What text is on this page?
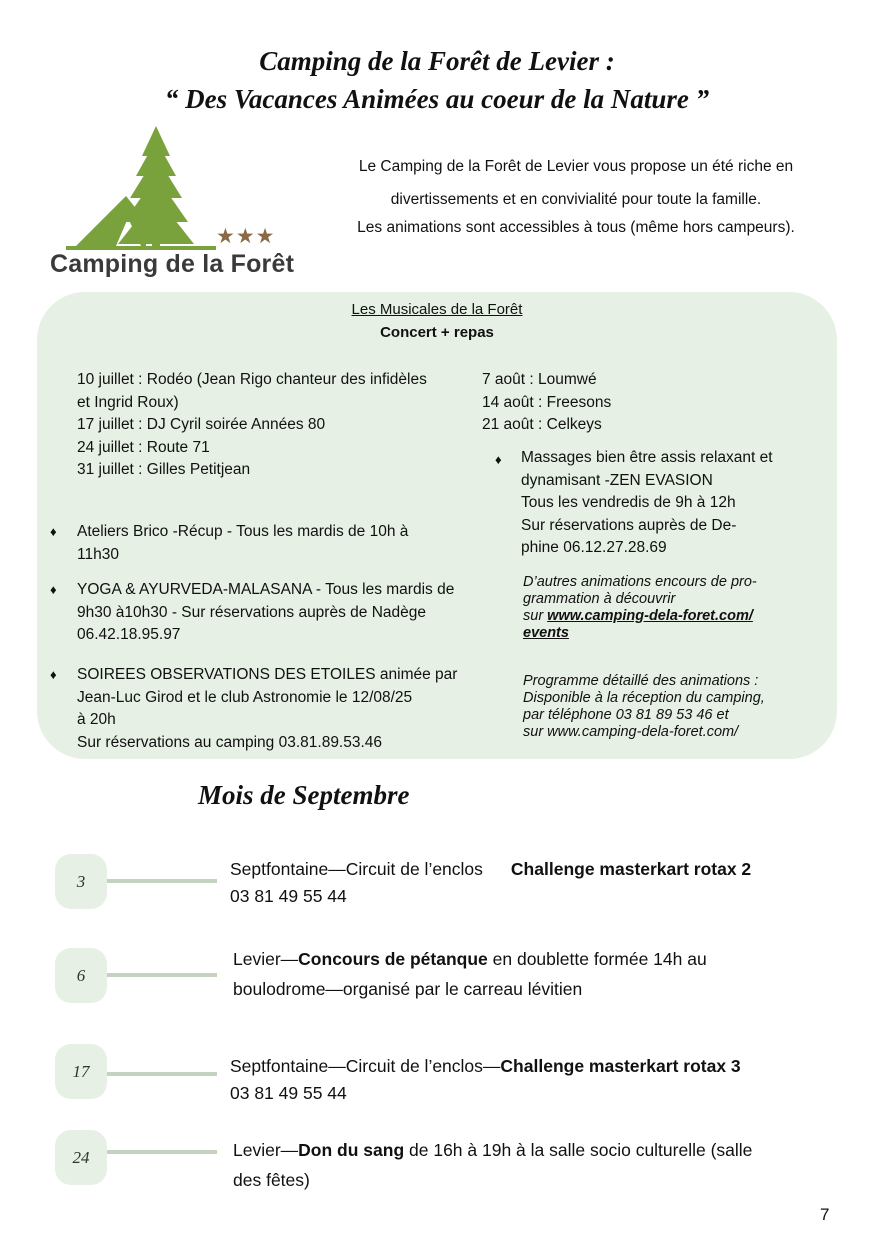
Camping de la Forêt de Levier :
“ Des Vacances Animées au coeur de la Nature ”
★★★
Camping de la Forêt
Le Camping de la Forêt de Levier vous propose un été riche en
divertissements et en convivialité pour toute la famille.
Les animations sont accessibles à tous (même hors campeurs).
Les Musicales de la Forêt
Concert + repas
10 juillet : Rodéo (Jean Rigo chanteur des infidèles
et Ingrid Roux)
17 juillet : DJ Cyril soirée Années 80
24 juillet : Route 71
31 juillet : Gilles Petitjean
7 août : Loumwé
14 août : Freesons
21 août : Celkeys
♦ Ateliers Brico -Récup - Tous les mardis de 10h à
11h30
♦ YOGA & AYURVEDA-MALASANA - Tous les mardis de
9h30 à10h30 - Sur réservations auprès de Nadège
06.42.18.95.97
♦ SOIREES OBSERVATIONS DES ETOILES animée par
Jean-Luc Girod et le club Astronomie le 12/08/25
à 20h
Sur réservations au camping 03.81.89.53.46
♦ Massages bien être assis relaxant et
dynamisant -ZEN EVASION
Tous les vendredis de 9h à 12h
Sur réservations auprès de De-
phine 06.12.27.28.69
D’autres animations encours de pro-
grammation à découvrir
sur www.camping-dela-foret.com/
events
Programme détaillé des animations :
Disponible à la réception du camping,
par téléphone 03 81 89 53 46 et
sur www.camping-dela-foret.com/
Mois de Septembre
3
Septfontaine—Circuit de l’enclos Challenge masterkart rotax 2
03 81 49 55 44
6
Levier—Concours de pétanque en doublette formée 14h au
boulodrome—organisé par le carreau lévitien
17	Septfontaine—Circuit de l’enclos—Challenge masterkart rotax 3
03 81 49 55 44
24	Levier—Don du sang de 16h à 19h à la salle socio culturelle (salle
des fêtes)
7
